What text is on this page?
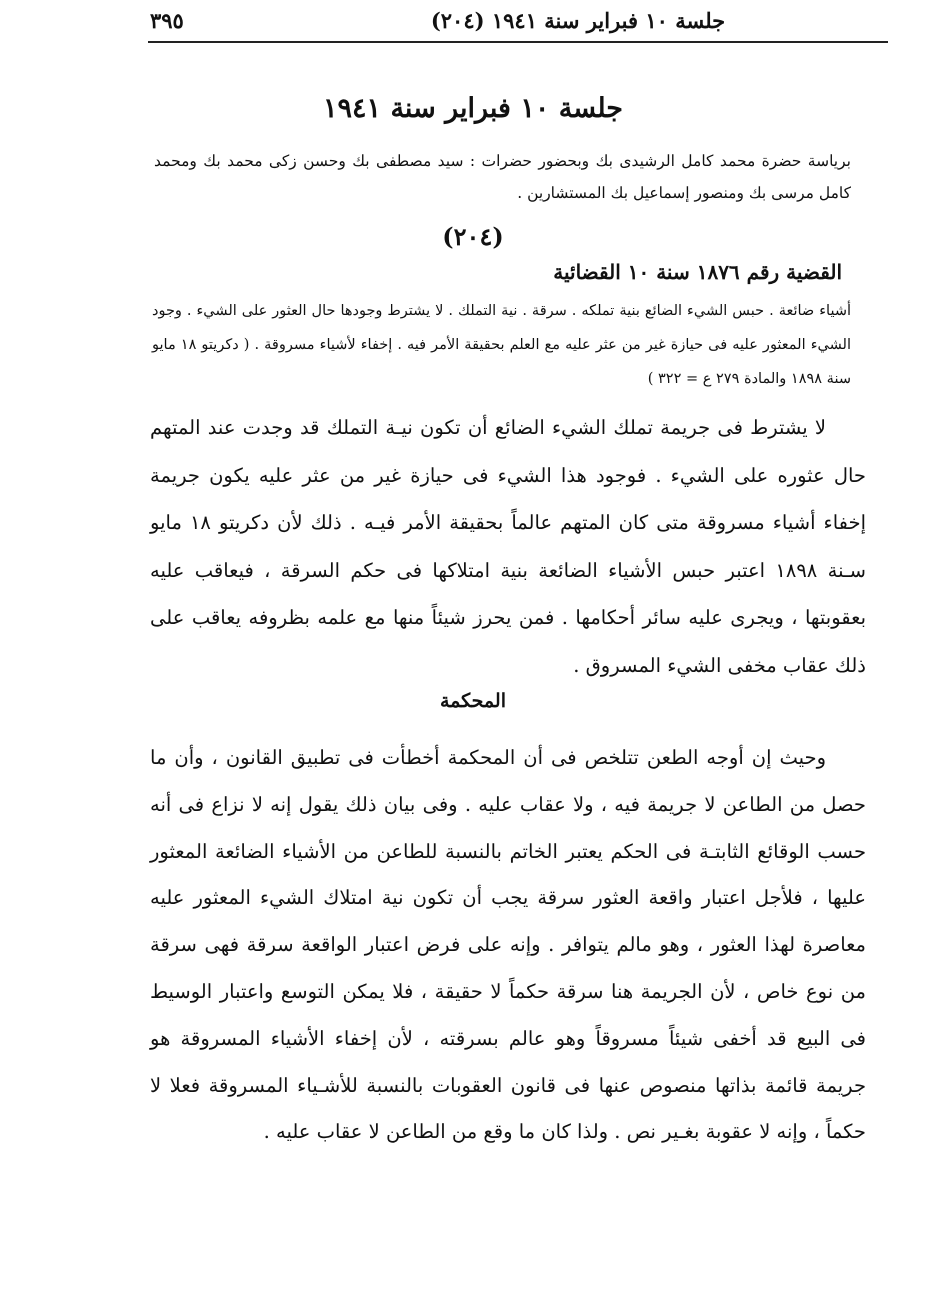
٣٩٥	جلسة ١٠ فبراير سنة ١٩٤١ (٢٠٤)
جلسة ١٠ فبراير سنة ١٩٤١

برياسة حضرة محمد كامل الرشيدى بك وبحضور حضرات : سيد مصطفى بك وحسن زكى محمد بك ومحمد كامل مرسى بك ومنصور إسماعيل بك المستشارين .

(٢٠٤)
القضية رقم ١٨٧٦ سنة ١٠ القضائية

أشياء ضائعة . حبس الشيء الضائع بنية تملكه . سرقة . نية التملك . لا يشترط وجودها حال العثور على الشيء . وجود الشيء المعثور عليه فى حيازة غير من عثر عليه مع العلم بحقيقة الأمر فيه . إخفاء لأشياء مسروقة . ( دكريتو ١٨ مايو سنة ١٨٩٨ والمادة ٢٧٩ ع = ٣٢٢ )

لا يشترط فى جريمة تملك الشيء الضائع أن تكون نيـة التملك قد وجدت عند المتهم حال عثوره على الشيء . فوجود هذا الشيء فى حيازة غير من عثر عليه يكون جريمة إخفاء أشياء مسروقة متى كان المتهم عالماً بحقيقة الأمر فيـه . ذلك لأن دكريتو ١٨ مايو سـنة ١٨٩٨ اعتبر حبس الأشياء الضائعة بنية امتلاكها فى حكم السرقة ، فيعاقب عليه بعقوبتها ، ويجرى عليه سائر أحكامها . فمن يحرز شيئاً منها مع علمه بظروفه يعاقب على ذلك عقاب مخفى الشيء المسروق .

المحكمة

وحيث إن أوجه الطعن تتلخص فى أن المحكمة أخطأت فى تطبيق القانون ، وأن ما حصل من الطاعن لا جريمة فيه ، ولا عقاب عليه . وفى بيان ذلك يقول إنه لا نزاع فى أنه حسب الوقائع الثابتـة فى الحكم يعتبر الخاتم بالنسبة للطاعن من الأشياء الضائعة المعثور عليها ، فلأجل اعتبار واقعة العثور سرقة يجب أن تكون نية امتلاك الشيء المعثور عليه معاصرة لهذا العثور ، وهو مالم يتوافر . وإنه على فرض اعتبار الواقعة سرقة فهى سرقة من نوع خاص ، لأن الجريمة هنا سرقة حكماً لا حقيقة ، فلا يمكن التوسع واعتبار الوسيط فى البيع قد أخفى شيئاً مسروقاً وهو عالم بسرقته ، لأن إخفاء الأشياء المسروقة هو جريمة قائمة بذاتها منصوص عنها فى قانون العقوبات بالنسبة للأشـياء المسروقة فعلا لا حكماً ، وإنه لا عقوبة بغـير نص . ولذا كان ما وقع من الطاعن لا عقاب عليه .
